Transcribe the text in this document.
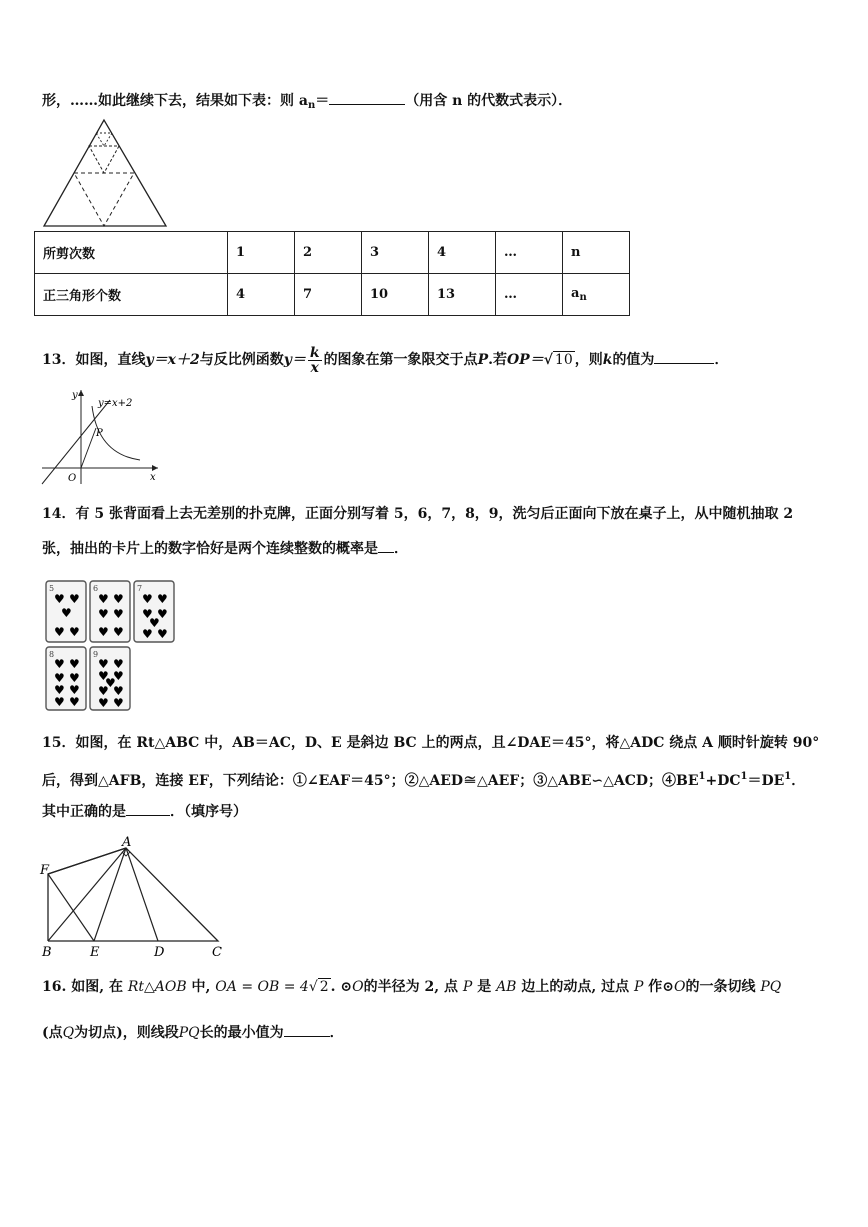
形，……如此继续下去，结果如下表：则 $a_n=$	（用含 n 的代数式表示）．
所剪次数	1	2	3	4	…	n
正三角形个数	4	7	10	13	…	$a_n$
13．如图，直线y＝x＋2与反比例函数$y= \frac{k}{x}$ 的图象在第一象限交于点P.若OP＝√ 10 ，则k的值为	．
y
x
O
P
y=x+2
14．有 5 张背面看上去无差别的扑克牌，正面分别写着 5，6，7，8，9，洗匀后正面向下放在桌子上，从中随机抽取 2
张，抽出的卡片上的数字恰好是两个连续整数的概率是 ．
5
♥ ♥
♥
♥ ♥
6
♥ ♥
♥ ♥
♥ ♥
7
♥ ♥
♥ ♥
♥
♥ ♥
8
♥ ♥
♥ ♥
♥ ♥
♥ ♥
9
♥ ♥
♥ ♥
♥
♥ ♥
♥ ♥
15．如图，在 Rt△ABC 中，AB＝AC，D、E 是斜边 BC 上的两点，且∠DAE＝45°，将△ADC 绕点 A 顺时针旋转 90°
后，得到△AFB，连接 EF，下列结论：①∠EAF＝45°；②△AED≅△AEF；③△ABE∽△ACD；$④BE^1+DC^1=DE^1$．
其中正确的是	．（填序号）
A
F
B	E	D	C
16. 如图, 在 Rt△AOB 中, OA = OB = 4√ 2 . ⊙O的半径为 2, 点 P 是 AB 边上的动点, 过点 P 作⊙O的一条切线 PQ
(点Q为切点)，则线段PQ长的最小值为	．
